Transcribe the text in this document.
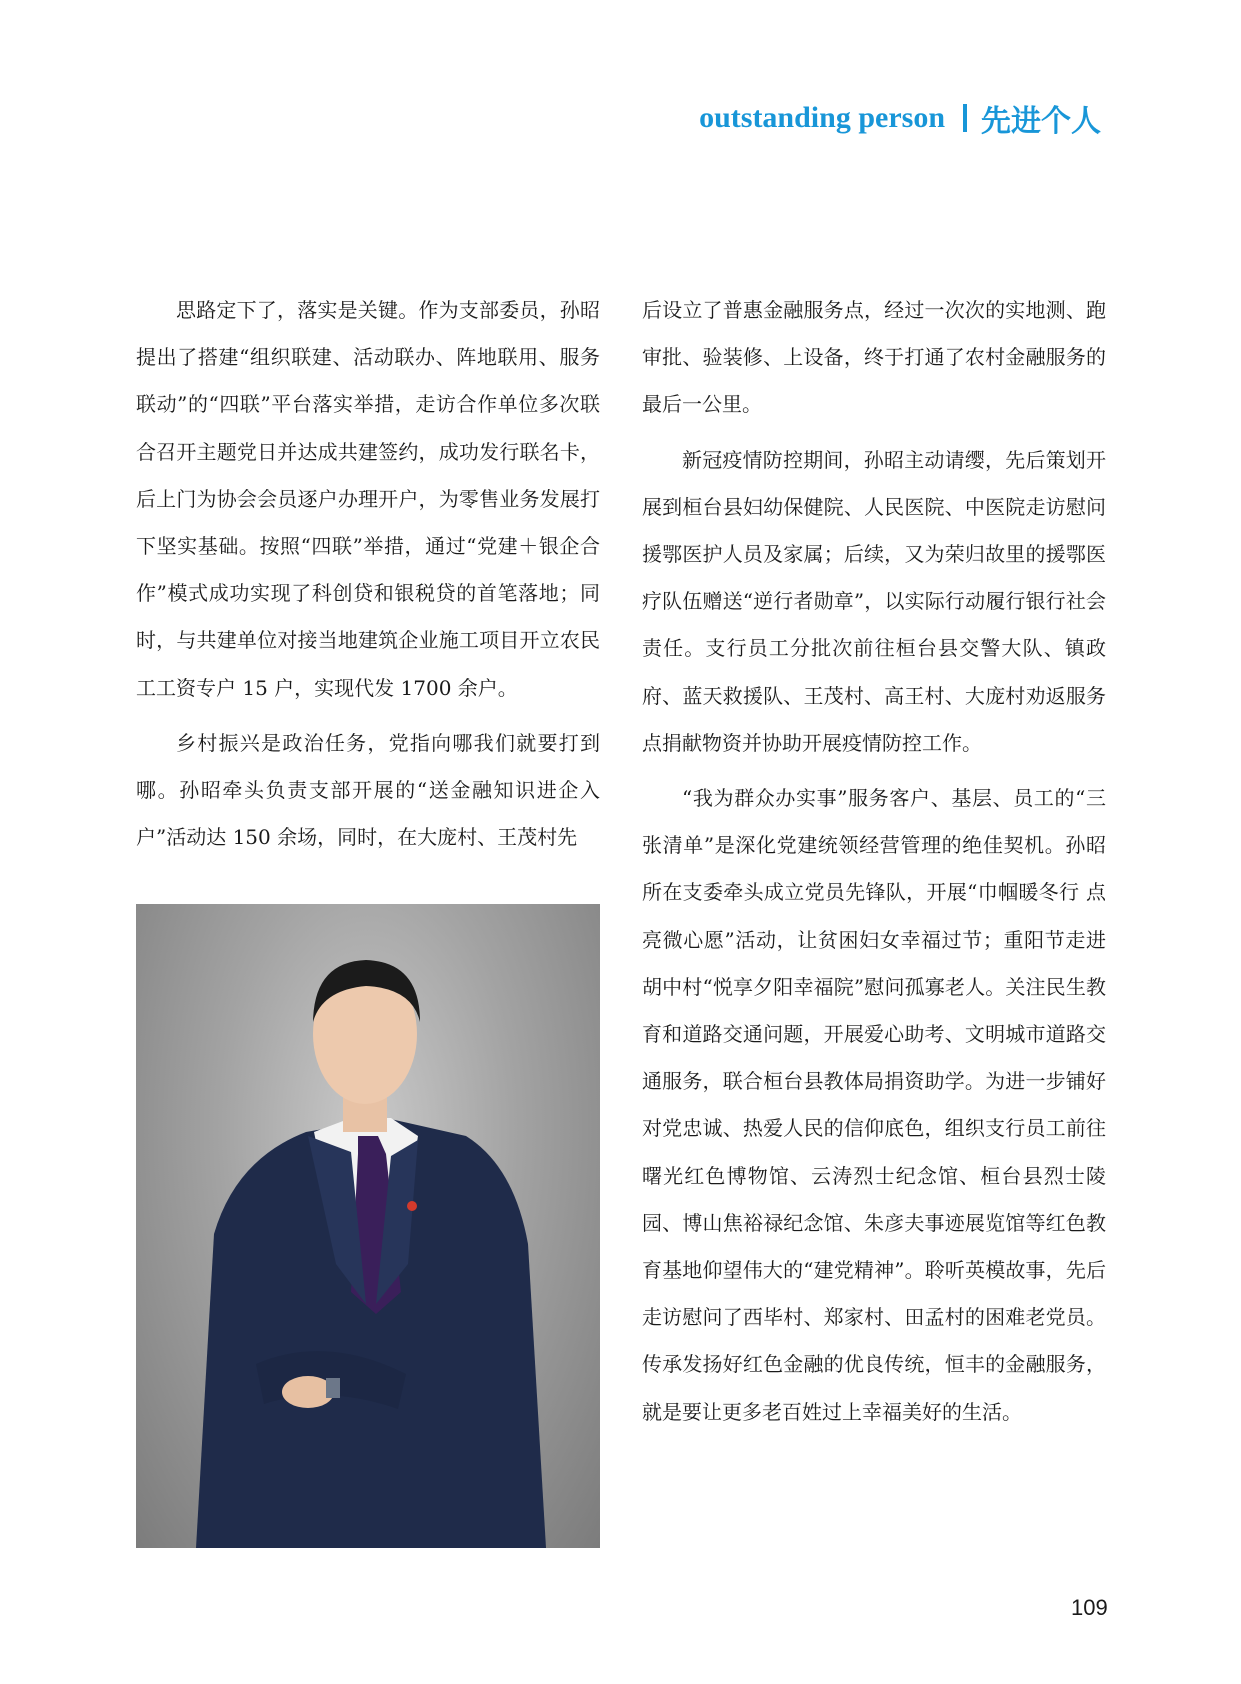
outstanding person 先进个人

思路定下了，落实是关键。作为支部委员，孙昭提出了搭建“组织联建、活动联办、阵地联用、服务联动”的“四联”平台落实举措，走访合作单位多次联合召开主题党日并达成共建签约，成功发行联名卡，后上门为协会会员逐户办理开户，为零售业务发展打下坚实基础。按照“四联”举措，通过“党建＋银企合作”模式成功实现了科创贷和银税贷的首笔落地；同时，与共建单位对接当地建筑企业施工项目开立农民工工资专户 15 户，实现代发 1700 余户。

乡村振兴是政治任务，党指向哪我们就要打到哪。孙昭牵头负责支部开展的“送金融知识进企入户”活动达 150 余场，同时，在大庞村、王茂村先

后设立了普惠金融服务点，经过一次次的实地测、跑审批、验装修、上设备，终于打通了农村金融服务的最后一公里。

新冠疫情防控期间，孙昭主动请缨，先后策划开展到桓台县妇幼保健院、人民医院、中医院走访慰问援鄂医护人员及家属；后续，又为荣归故里的援鄂医疗队伍赠送“逆行者勋章”，以实际行动履行银行社会责任。支行员工分批次前往桓台县交警大队、镇政府、蓝天救援队、王茂村、高王村、大庞村劝返服务点捐献物资并协助开展疫情防控工作。

“我为群众办实事”服务客户、基层、员工的“三张清单”是深化党建统领经营管理的绝佳契机。孙昭所在支委牵头成立党员先锋队，开展“巾帼暖冬行 点亮微心愿”活动，让贫困妇女幸福过节；重阳节走进胡中村“悦享夕阳幸福院”慰问孤寡老人。关注民生教育和道路交通问题，开展爱心助考、文明城市道路交通服务，联合桓台县教体局捐资助学。为进一步铺好对党忠诚、热爱人民的信仰底色，组织支行员工前往曙光红色博物馆、云涛烈士纪念馆、桓台县烈士陵园、博山焦裕禄纪念馆、朱彦夫事迹展览馆等红色教育基地仰望伟大的“建党精神”。聆听英模故事，先后走访慰问了西毕村、郑家村、田孟村的困难老党员。传承发扬好红色金融的优良传统，恒丰的金融服务，就是要让更多老百姓过上幸福美好的生活。

109
